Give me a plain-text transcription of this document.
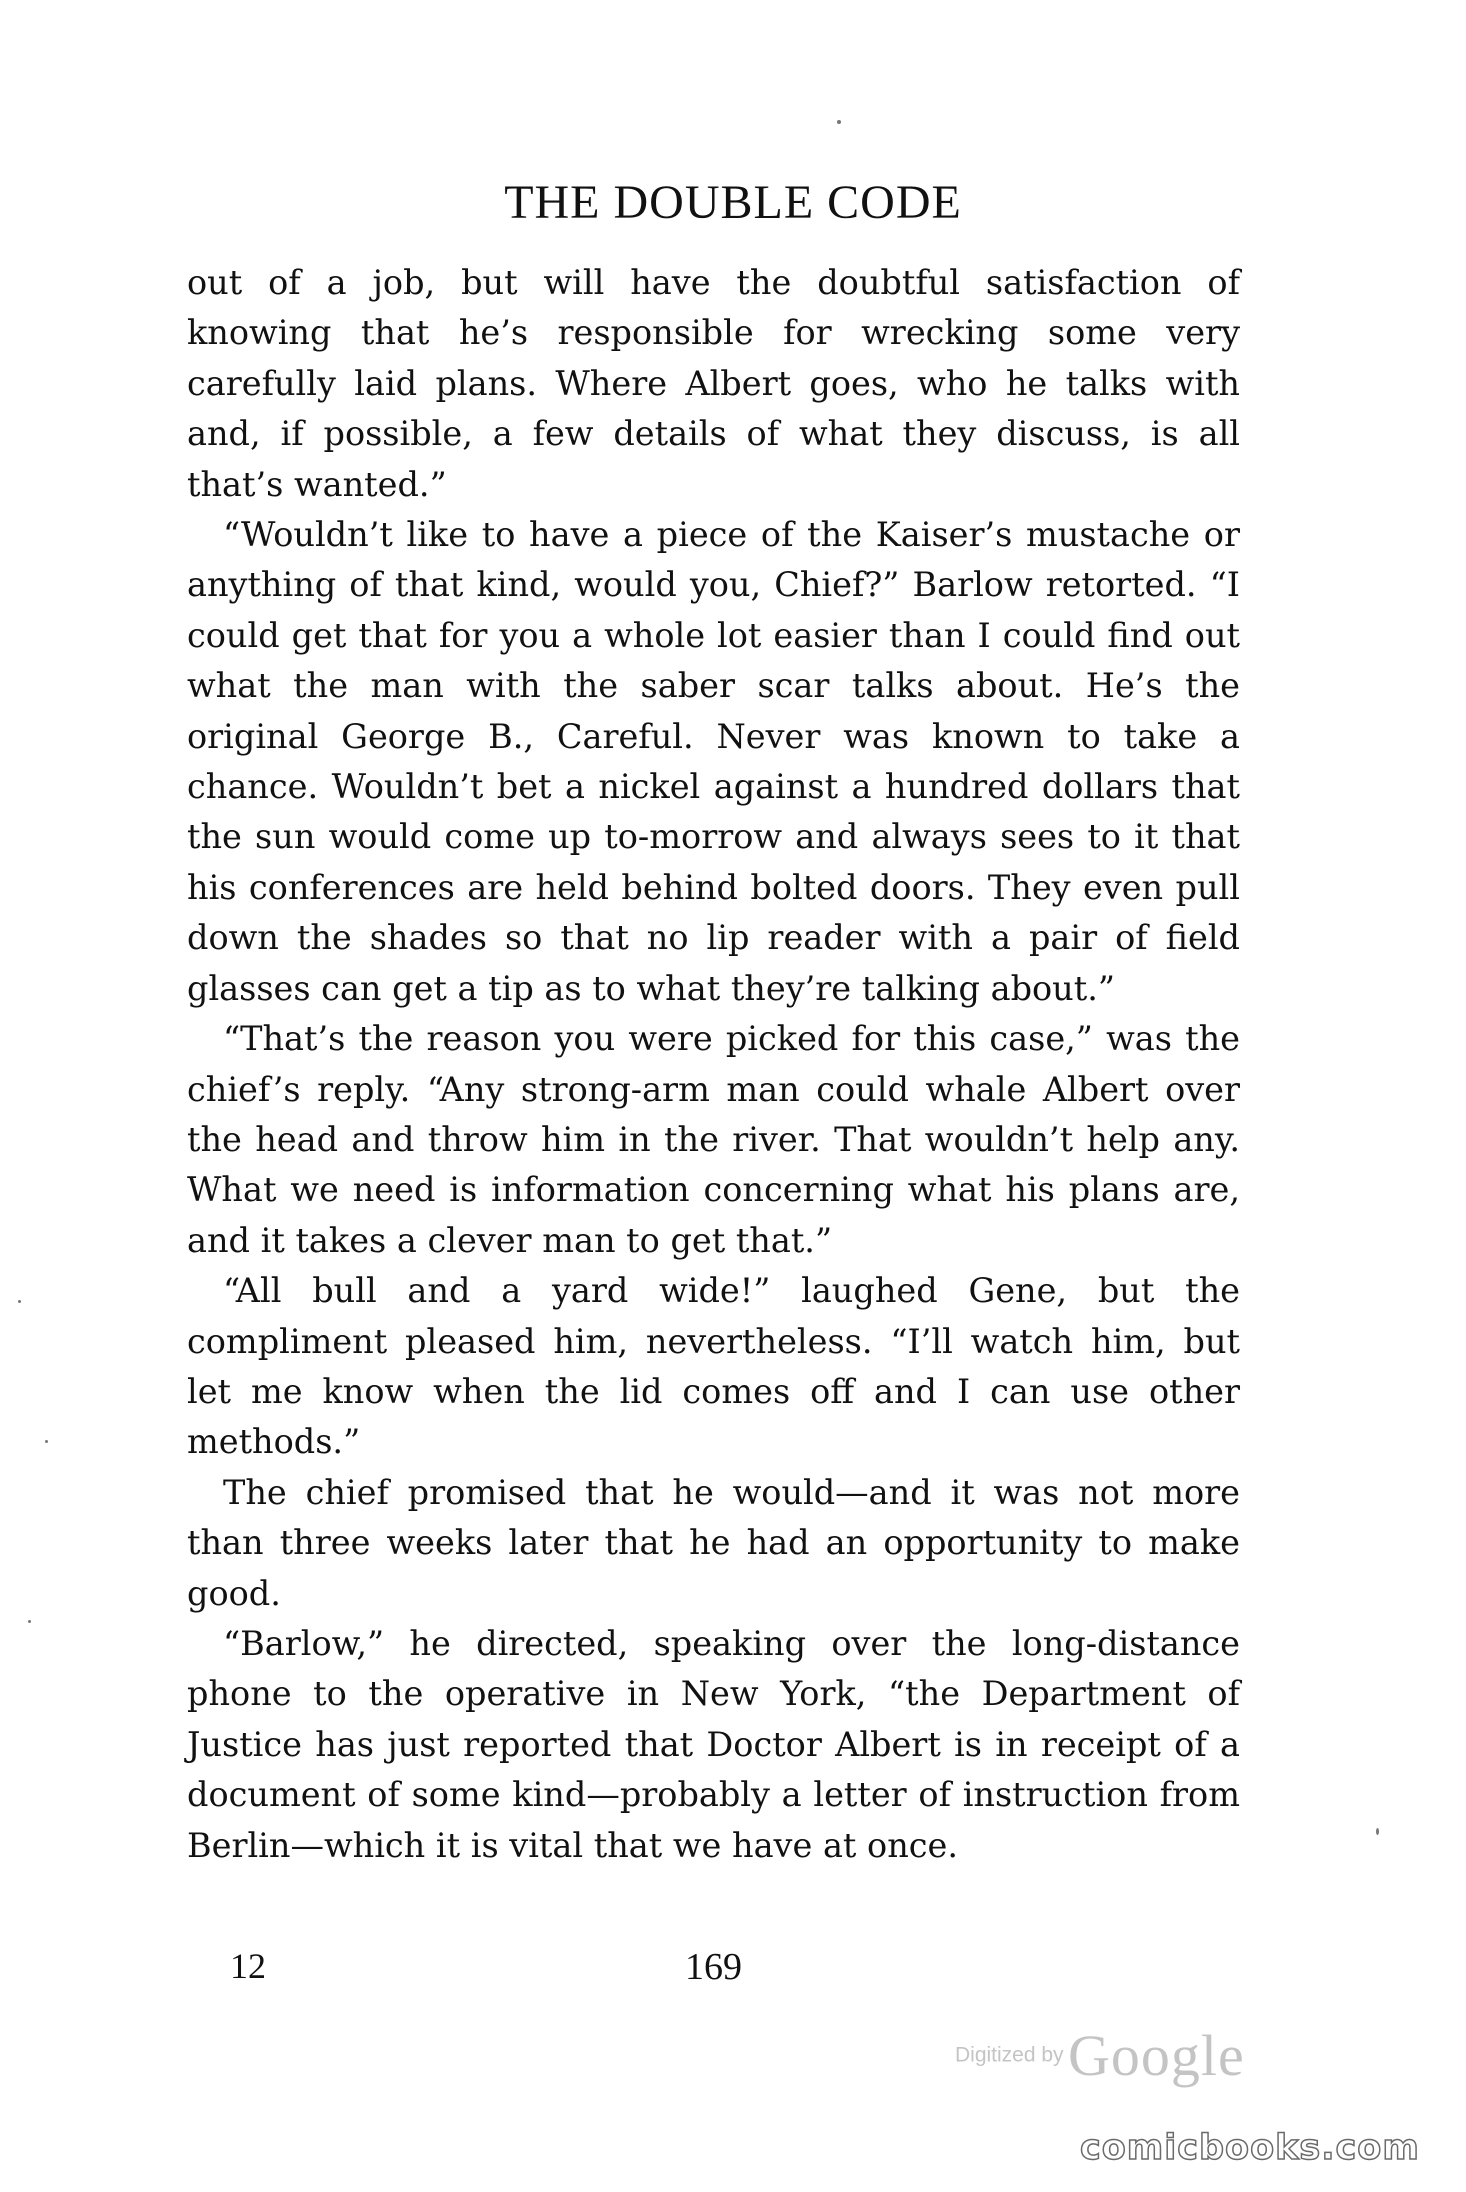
THE DOUBLE CODE

out of a job, but will have the doubtful satisfaction of knowing that he’s responsible for wrecking some very carefully laid plans. Where Albert goes, who he talks with and, if possible, a few details of what they discuss, is all that’s wanted.”

“Wouldn’t like to have a piece of the Kaiser’s mustache or anything of that kind, would you, Chief?” Barlow retorted. “I could get that for you a whole lot easier than I could find out what the man with the saber scar talks about. He’s the original George B., Careful. Never was known to take a chance. Wouldn’t bet a nickel against a hundred dollars that the sun would come up to-morrow and always sees to it that his conferences are held behind bolted doors. They even pull down the shades so that no lip reader with a pair of field glasses can get a tip as to what they’re talking about.”

“That’s the reason you were picked for this case,” was the chief’s reply. “Any strong-arm man could whale Albert over the head and throw him in the river. That wouldn’t help any. What we need is information concerning what his plans are, and it takes a clever man to get that.”

“All bull and a yard wide!” laughed Gene, but the compliment pleased him, nevertheless. “I’ll watch him, but let me know when the lid comes off and I can use other methods.”

The chief promised that he would—and it was not more than three weeks later that he had an opportunity to make good.

“Barlow,” he directed, speaking over the long-distance phone to the operative in New York, “the Department of Justice has just reported that Doctor Albert is in receipt of a document of some kind—probably a letter of instruction from Berlin—which it is vital that we have at once.

12	169
Digitized by Google
comicbooks.com
